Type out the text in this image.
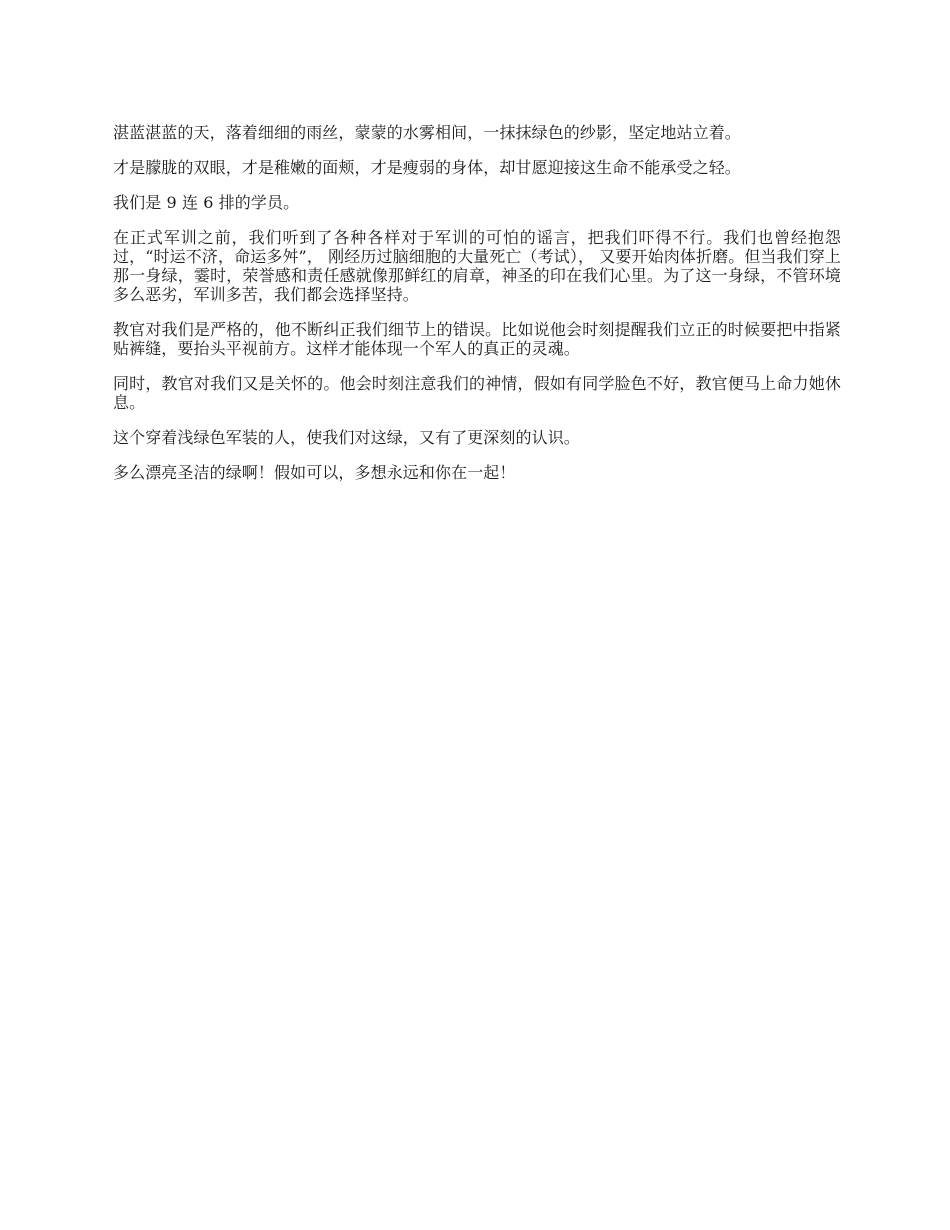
湛蓝湛蓝的天，落着细细的雨丝，蒙蒙的水雾相间，一抹抹绿色的纱影，坚定地站立着。

才是朦胧的双眼，才是稚嫩的面颊，才是瘦弱的身体，却甘愿迎接这生命不能承受之轻。

我们是 9 连 6 排的学员。

在正式军训之前，我们听到了各种各样对于军训的可怕的谣言，把我们吓得不行。我们也曾经抱怨过，“时运不济，命运多舛”， 刚经历过脑细胞的大量死亡（考试）， 又要开始肉体折磨。但当我们穿上那一身绿，霎时，荣誉感和责任感就像那鲜红的肩章，神圣的印在我们心里。为了这一身绿，不管环境多么恶劣，军训多苦，我们都会选择坚持。

教官对我们是严格的，他不断纠正我们细节上的错误。比如说他会时刻提醒我们立正的时候要把中指紧贴裤缝，要抬头平视前方。这样才能体现一个军人的真正的灵魂。

同时，教官对我们又是关怀的。他会时刻注意我们的神情，假如有同学脸色不好，教官便马上命力她休息。

这个穿着浅绿色军装的人，使我们对这绿，又有了更深刻的认识。

多么漂亮圣洁的绿啊！假如可以，多想永远和你在一起！
